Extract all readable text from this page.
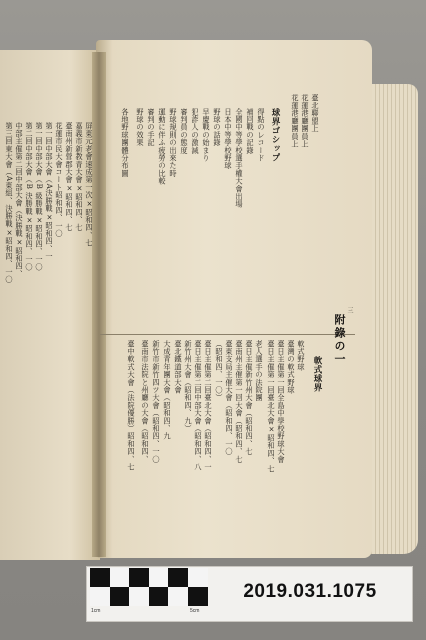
第三回東大會（A東組、決勝戰×昭和四、一〇 中部主催第二回中部大會（決勝戰×昭和四、 第二回中部大會（B 決勝戰×昭和四、一〇 第一回中部大會（B 級勝戰×昭和四、一〇 第一回中部大會（A決勝戰×昭和四、一 花蓮市民大會コート昭和四、一〇 臺南州新營郡大會×昭和四、七 嘉義市新教青大會×昭和四、七 屏東元老會速成第一次×昭和四、七
臺北聯盟上
花蓮港廳團員上
花蓮港廳團員上
球界ゴシップ
得點のレコード
補回戰の記錄
全國中等學校選手權大會出場
日本中等學校野球
野球の話錄
早慶戰の始まり
犯詐人の激減
審判員の態度
野球規則の出來た時
運動に伴ふ疲勞の比較
審判の手記
野球の效果
各地野球團體分布圖
附錄の一
軟式球界
軟式野球
臺灣の軟式野球
臺日主催第一回全島中學校野球大會
臺日主催第一回臺北大會×昭和四、七
老人選手の法院團
臺日主催新竹州大會（昭和四、七
臺南州主催第一回大會（昭和四、七
臺東支局主催大會（昭和四、一〇
（昭和四、一〇）
臺日主催第二回臺北大會（昭和四、一
臺日主催第二回中部大會（昭和四、八
新竹州大會（昭和四、九）
臺北鐵道部大會
大成青年團大會（昭和四、九
新竹市新竹四ツ大會（昭和四、一〇
臺南市法院と州廳の大會（昭和四、
臺中軟式大會（法院優勝）昭和四、七
三
1cm	5cm
2019.031.1075
